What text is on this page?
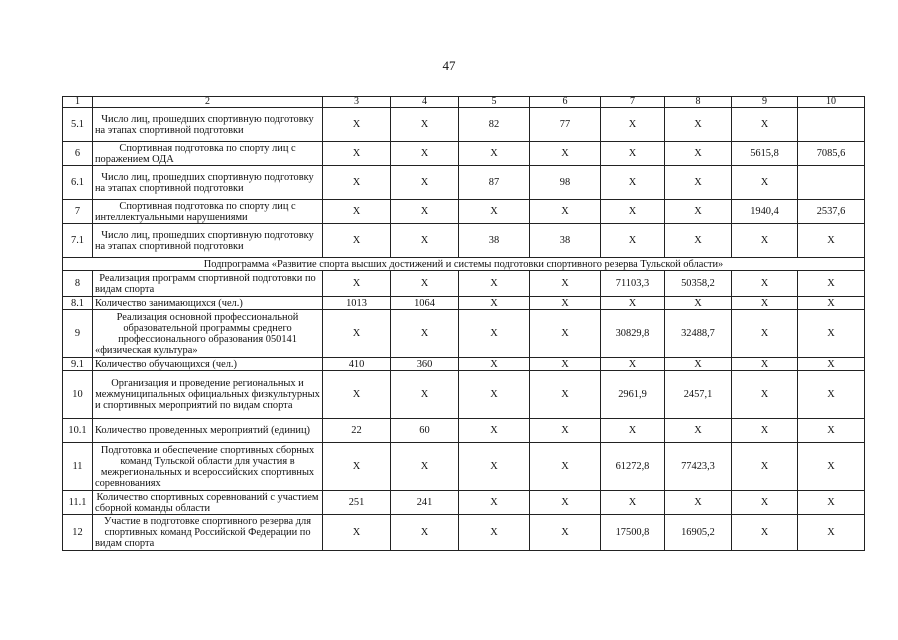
47
1	2	3	4	5	6	7	8	9	10
5.1	Число лиц, прошедших спортивную подготовку на этапах спортивной подготовки	X	X	82	77	X	X	X	
6	Спортивная подготовка по спорту лиц с поражением ОДА	X	X	X	X	X	X	5615,8	7085,6
6.1	Число лиц, прошедших спортивную подготовку на этапах спортивной подготовки	X	X	87	98	X	X	X	
7	Спортивная подготовка по спорту лиц с интеллектуальными нарушениями	X	X	X	X	X	X	1940,4	2537,6
7.1	Число лиц, прошедших спортивную подготовку на этапах спортивной подготовки	X	X	38	38	X	X	X	X
Подпрограмма «Развитие спорта высших достижений и системы подготовки спортивного резерва Тульской области»									
8	Реализация программ спортивной подготовки по видам спорта	X	X	X	X	71103,3	50358,2	X	X
8.1	Количество занимающихся (чел.)	1013	1064	X	X	X	X	X	X
9	Реализация основной профессиональной образовательной программы среднего профессионального образования 050141 «физическая культура»	X	X	X	X	30829,8	32488,7	X	X
9.1	Количество обучающихся (чел.)	410	360	X	X	X	X	X	X
10	Организация и проведение региональных и межмуниципальных официальных физкультурных и спортивных мероприятий по видам спорта	X	X	X	X	2961,9	2457,1	X	X
10.1	Количество проведенных мероприятий (единиц)	22	60	X	X	X	X	X	X
11	Подготовка и обеспечение спортивных сборных команд Тульской области для участия в межрегиональных и всероссийских спортивных соревнованиях	X	X	X	X	61272,8	77423,3	X	X
11.1	Количество спортивных соревнований с участием сборной команды области	251	241	X	X	X	X	X	X
12	Участие в подготовке спортивного резерва для спортивных команд Российской Федерации по видам спорта	X	X	X	X	17500,8	16905,2	X	X
